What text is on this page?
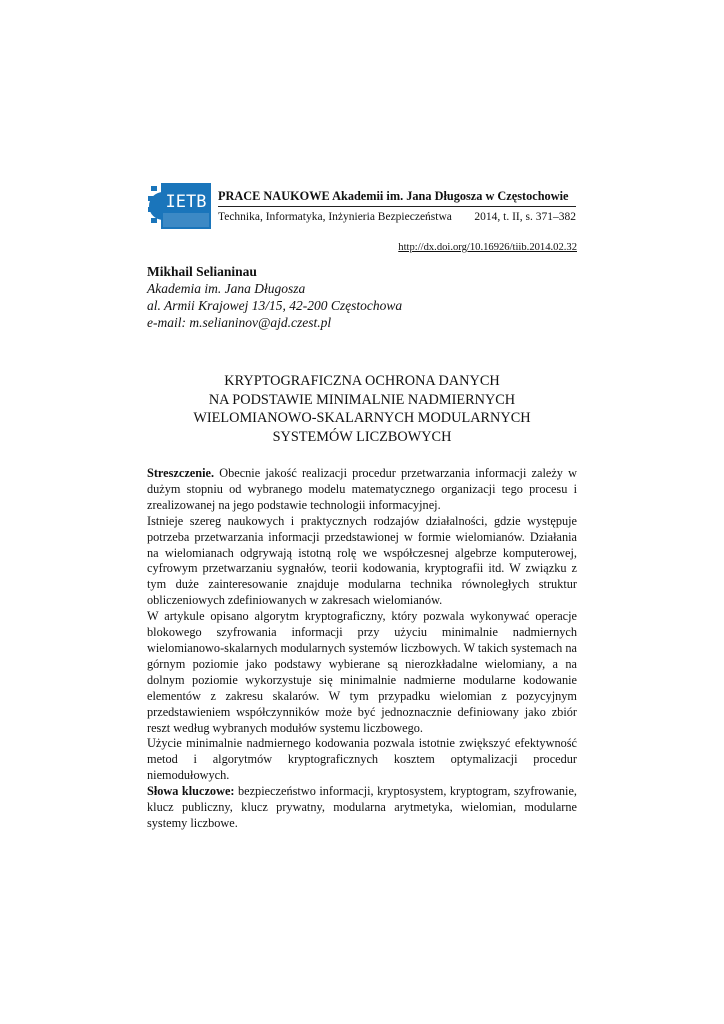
IETB PRACE NAUKOWE Akademii im. Jana Długosza w Częstochowie
Technika, Informatyka, Inżynieria Bezpieczeństwa	2014, t. II, s. 371–382
http://dx.doi.org/10.16926/tiib.2014.02.32
Mikhail Selianinau
Akademia im. Jana Długosza
al. Armii Krajowej 13/15, 42-200 Częstochowa
e-mail: m.selianinov@ajd.czest.pl
KRYPTOGRAFICZNA OCHRONA DANYCH
NA PODSTAWIE MINIMALNIE NADMIERNYCH
WIELOMIANOWO-SKALARNYCH MODULARNYCH
SYSTEMÓW LICZBOWYCH

Streszczenie. Obecnie jakość realizacji procedur przetwarzania informacji zależy w dużym stopniu od wybranego modelu matematycznego organizacji tego procesu i zrealizowanej na jego podstawie technologii informacyjnej.

Istnieje szereg naukowych i praktycznych rodzajów działalności, gdzie występuje potrzeba przetwarzania informacji przedstawionej w formie wielomianów. Działania na wielomianach odgrywają istotną rolę we współczesnej algebrze komputerowej, cyfrowym przetwarzaniu sygnałów, teorii kodowania, kryptografii itd. W związku z tym duże zainteresowanie znajduje modularna technika równoległych struktur obliczeniowych zdefiniowanych w zakresach wielomianów.

W artykule opisano algorytm kryptograficzny, który pozwala wykonywać operacje blokowego szyfrowania informacji przy użyciu minimalnie nadmiernych wielomianowo-skalarnych modularnych systemów liczbowych. W takich systemach na górnym poziomie jako podstawy wybierane są nierozkładalne wielomiany, a na dolnym poziomie wykorzystuje się minimalnie nadmierne modularne kodowanie elementów z zakresu skalarów. W tym przypadku wielomian z pozycyjnym przedstawieniem współczynników może być jednoznacznie definiowany jako zbiór reszt według wybranych modułów systemu liczbowego.

Użycie minimalnie nadmiernego kodowania pozwala istotnie zwiększyć efektywność metod i algorytmów kryptograficznych kosztem optymalizacji procedur niemodułowych.

Słowa kluczowe: bezpieczeństwo informacji, kryptosystem, kryptogram, szyfrowanie, klucz publiczny, klucz prywatny, modularna arytmetyka, wielomian, modularne systemy liczbowe.
